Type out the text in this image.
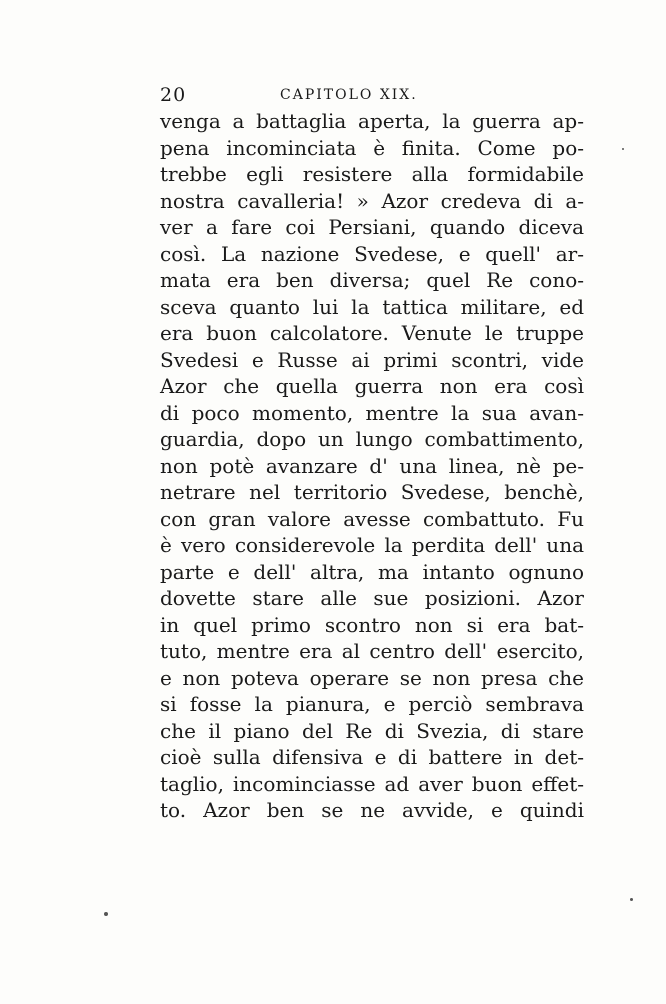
20	CAPITOLO XIX.
venga a battaglia aperta, la guerra ap-
pena incominciata è finita. Come po-
trebbe egli resistere alla formidabile
nostra cavalleria! » Azor credeva di a-
ver a fare coi Persiani, quando diceva
così. La nazione Svedese, e quell' ar-
mata era ben diversa; quel Re cono-
sceva quanto lui la tattica militare, ed
era buon calcolatore. Venute le truppe
Svedesi e Russe ai primi scontri, vide
Azor che quella guerra non era così
di poco momento, mentre la sua avan-
guardia, dopo un lungo combattimento,
non potè avanzare d' una linea, nè pe-
netrare nel territorio Svedese, benchè,
con gran valore avesse combattuto. Fu
è vero considerevole la perdita dell' una
parte e dell' altra, ma intanto ognuno
dovette stare alle sue posizioni. Azor
in quel primo scontro non si era bat-
tuto, mentre era al centro dell' esercito,
e non poteva operare se non presa che
si fosse la pianura, e perciò sembrava
che il piano del Re di Svezia, di stare
cioè sulla difensiva e di battere in det-
taglio, incominciasse ad aver buon effet-
to. Azor ben se ne avvide, e quindi
